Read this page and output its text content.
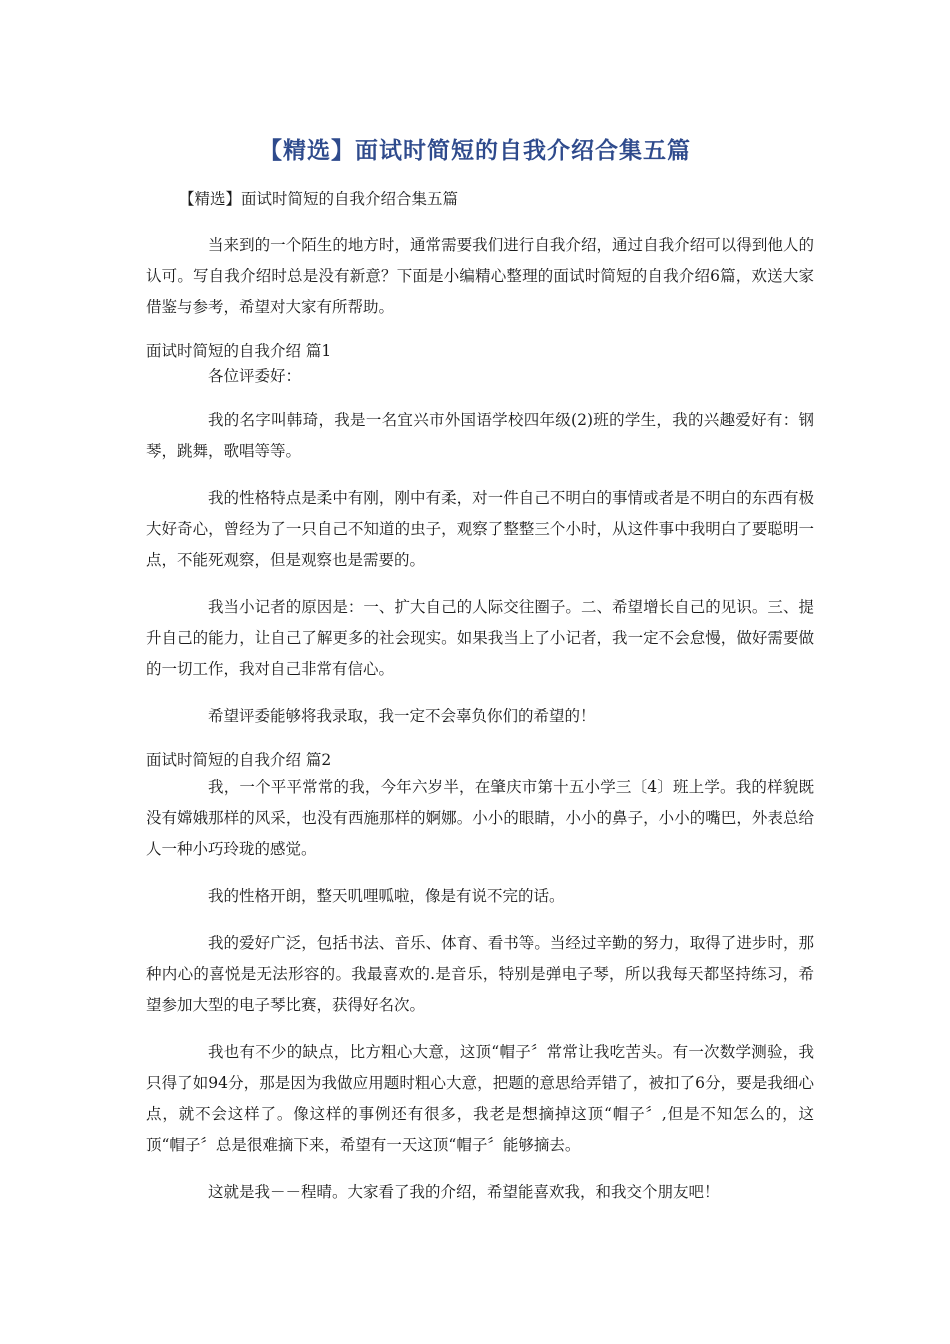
【精选】面试时简短的自我介绍合集五篇
【精选】面试时简短的自我介绍合集五篇

当来到的一个陌生的地方时，通常需要我们进行自我介绍，通过自我介绍可以得到他人的认可。写自我介绍时总是没有新意？下面是小编精心整理的面试时简短的自我介绍6篇，欢送大家借鉴与参考，希望对大家有所帮助。

面试时简短的自我介绍 篇1

各位评委好：

我的名字叫韩琦，我是一名宜兴市外国语学校四年级(2)班的学生，我的兴趣爱好有：钢琴，跳舞，歌唱等等。

我的性格特点是柔中有刚，刚中有柔，对一件自己不明白的事情或者是不明白的东西有极大好奇心，曾经为了一只自己不知道的虫子，观察了整整三个小时，从这件事中我明白了要聪明一点，不能死观察，但是观察也是需要的。

我当小记者的原因是：一、扩大自己的人际交往圈子。二、希望增长自己的见识。三、提升自己的能力，让自己了解更多的社会现实。如果我当上了小记者，我一定不会怠慢，做好需要做的一切工作，我对自己非常有信心。

希望评委能够将我录取，我一定不会辜负你们的希望的！

面试时简短的自我介绍 篇2

我，一个平平常常的我，今年六岁半，在肇庆市第十五小学三〔4〕班上学。我的样貌既没有嫦娥那样的风采，也没有西施那样的婀娜。小小的眼睛，小小的鼻子，小小的嘴巴，外表总给人一种小巧玲珑的感觉。

我的性格开朗，整天叽哩呱啦，像是有说不完的话。

我的爱好广泛，包括书法、音乐、体育、看书等。当经过辛勤的努力，取得了进步时，那种内心的喜悦是无法形容的。我最喜欢的.是音乐，特别是弹电子琴，所以我每天都坚持练习，希望参加大型的电子琴比赛，获得好名次。

我也有不少的缺点，比方粗心大意，这顶“帽子〞常常让我吃苦头。有一次数学测验，我只得了如94分，那是因为我做应用题时粗心大意，把题的意思给弄错了，被扣了6分，要是我细心点，就不会这样了。像这样的事例还有很多，我老是想摘掉这顶“帽子〞,但是不知怎么的，这顶“帽子〞总是很难摘下来，希望有一天这顶“帽子〞能够摘去。

这就是我－－程晴。大家看了我的介绍，希望能喜欢我，和我交个朋友吧！
